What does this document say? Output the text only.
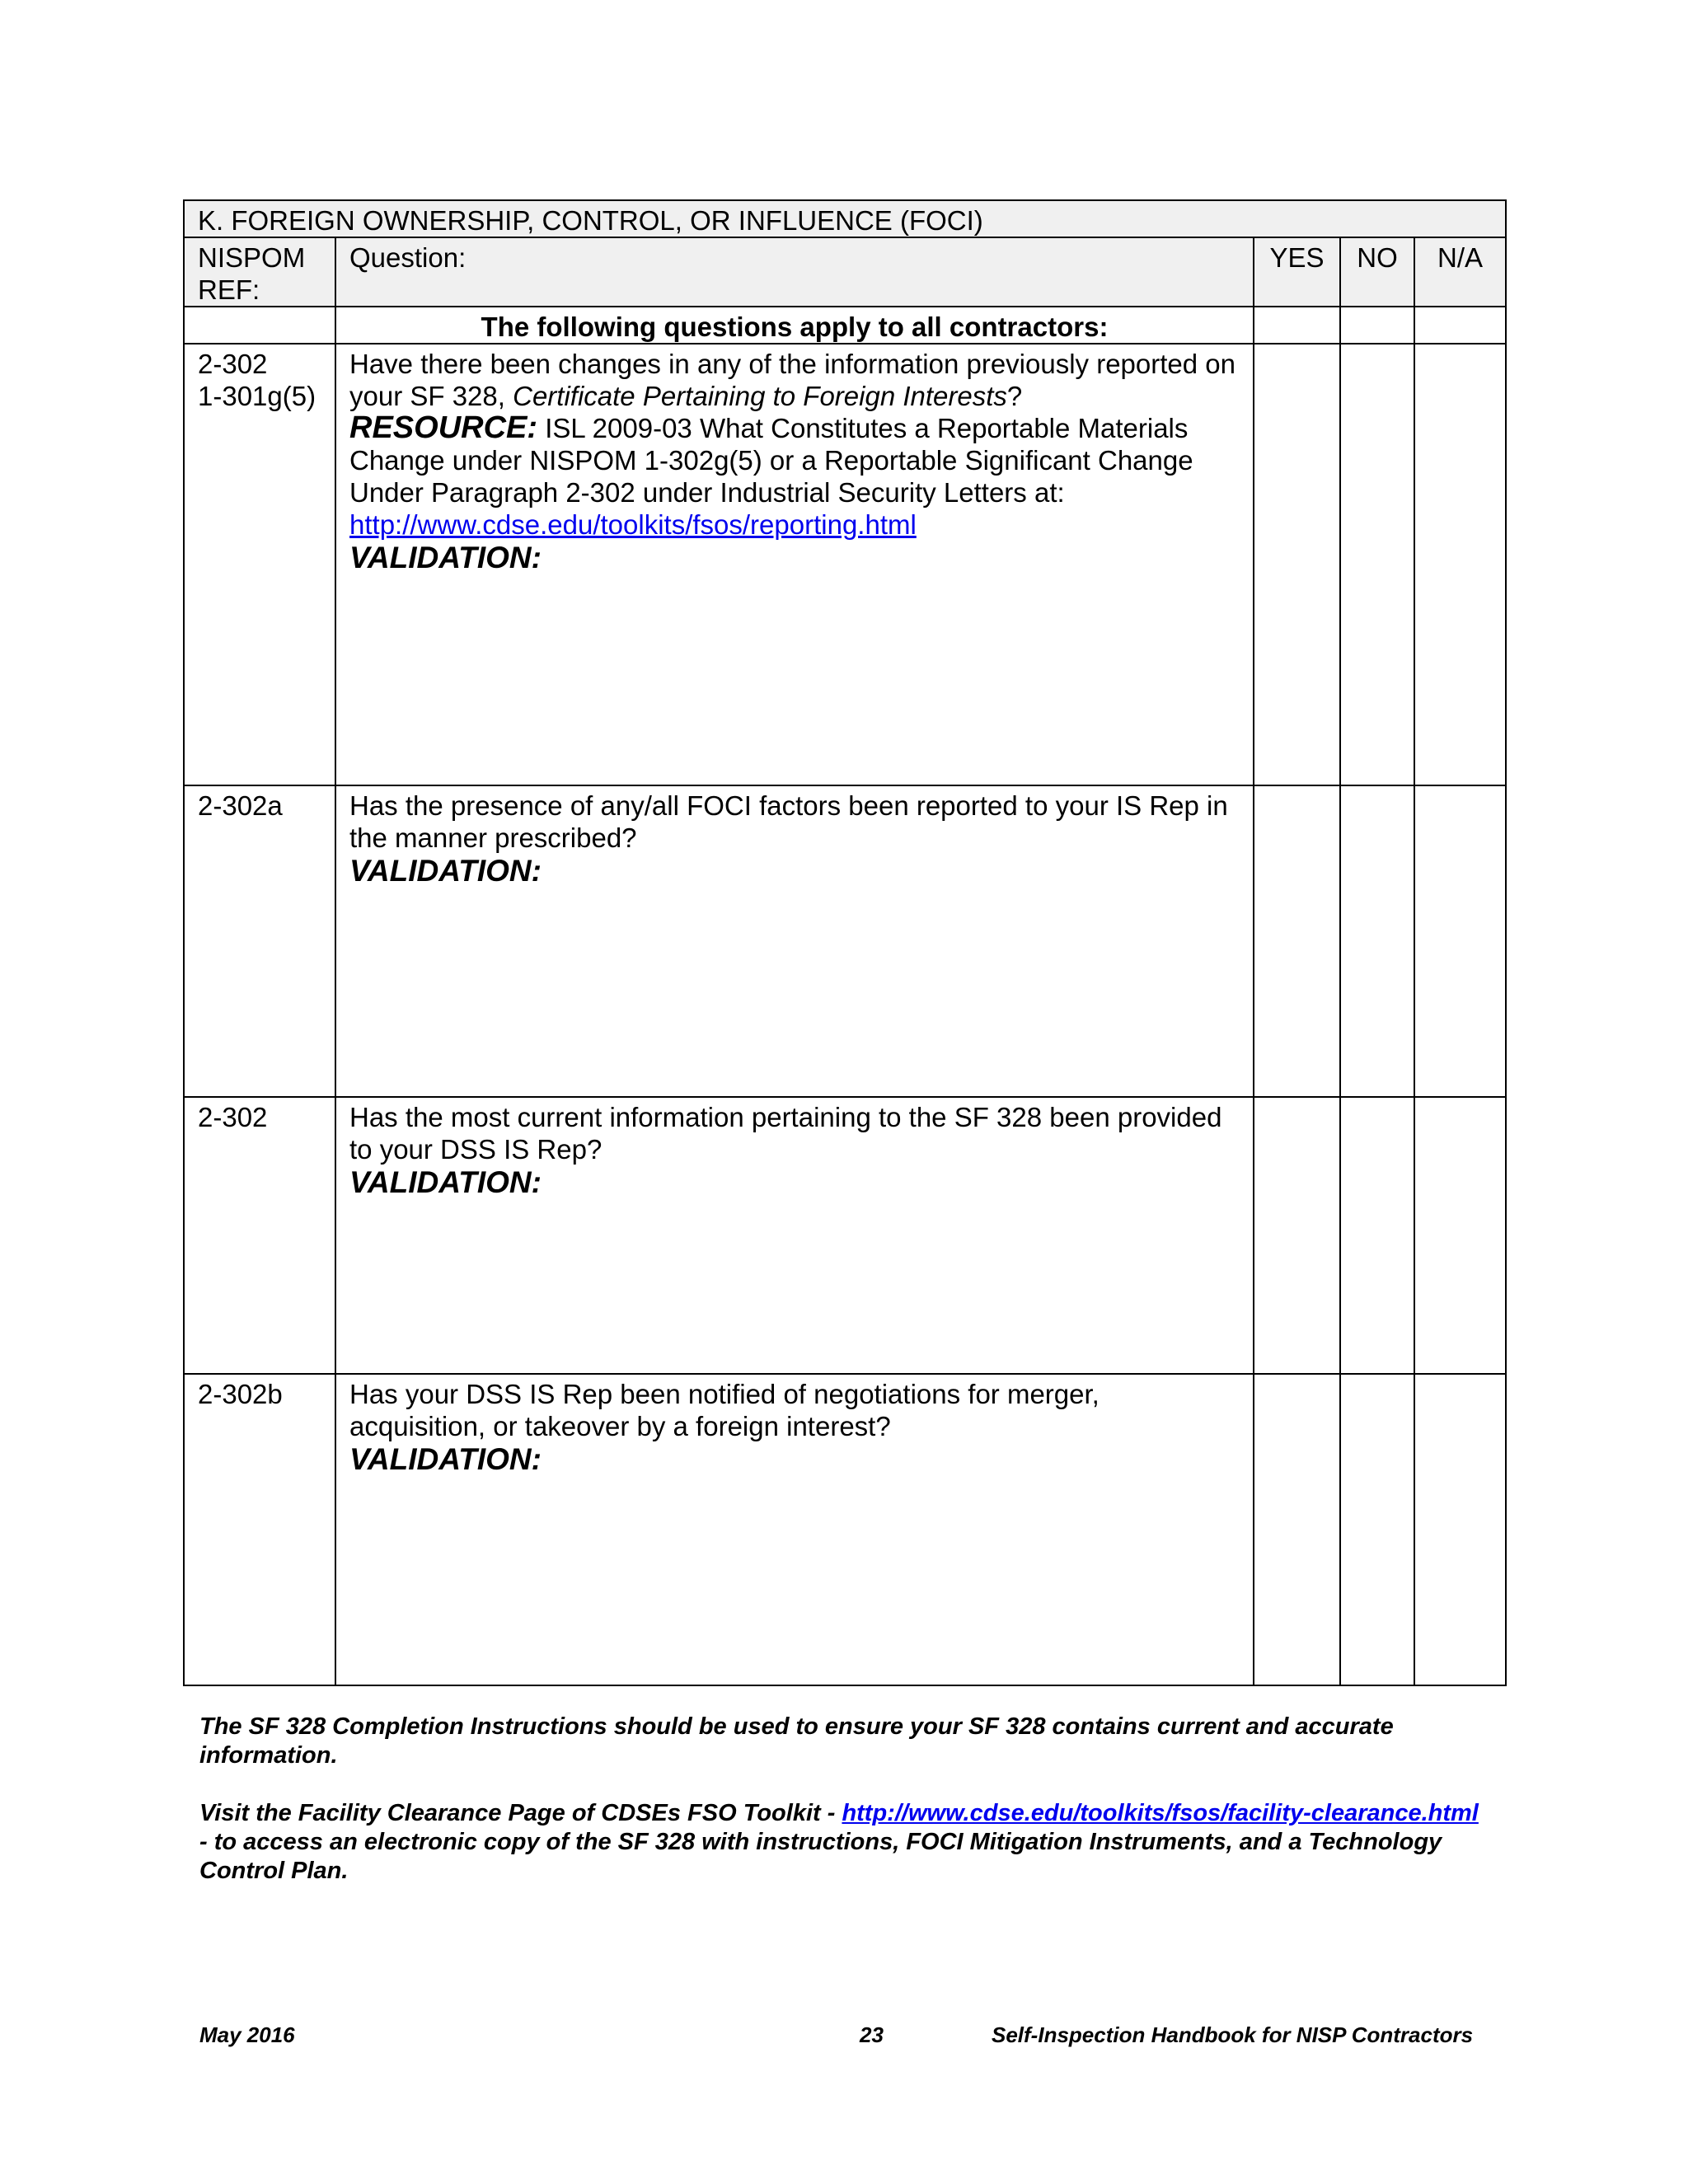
K. FOREIGN OWNERSHIP, CONTROL, OR INFLUENCE (FOCI)				
NISPOM
REF:	Question:	YES	NO	N/A
	The following questions apply to all contractors:			
2-302
1-301g(5)	Have there been changes in any of the information previously reported on your SF 328, Certificate Pertaining to Foreign Interests?
RESOURCE: ISL 2009-03 What Constitutes a Reportable Materials Change under NISPOM 1-302g(5) or a Reportable Significant Change Under Paragraph 2-302 under Industrial Security Letters at:
http://www.cdse.edu/toolkits/fsos/reporting.html
VALIDATION:			

2-302a	Has the presence of any/all FOCI factors been reported to your IS Rep in the manner prescribed?
VALIDATION:			

2-302	Has the most current information pertaining to the SF 328 been provided to your DSS IS Rep?
VALIDATION:			

2-302b	Has your DSS IS Rep been notified of negotiations for merger, acquisition, or takeover by a foreign interest?
VALIDATION:			

The SF 328 Completion Instructions should be used to ensure your SF 328 contains current and accurate information.

Visit the Facility Clearance Page of CDSEs FSO Toolkit - http://www.cdse.edu/toolkits/fsos/facility-clearance.html - to access an electronic copy of the SF 328 with instructions, FOCI Mitigation Instruments, and a Technology Control Plan.

May 2016	23	Self-Inspection Handbook for NISP Contractors
